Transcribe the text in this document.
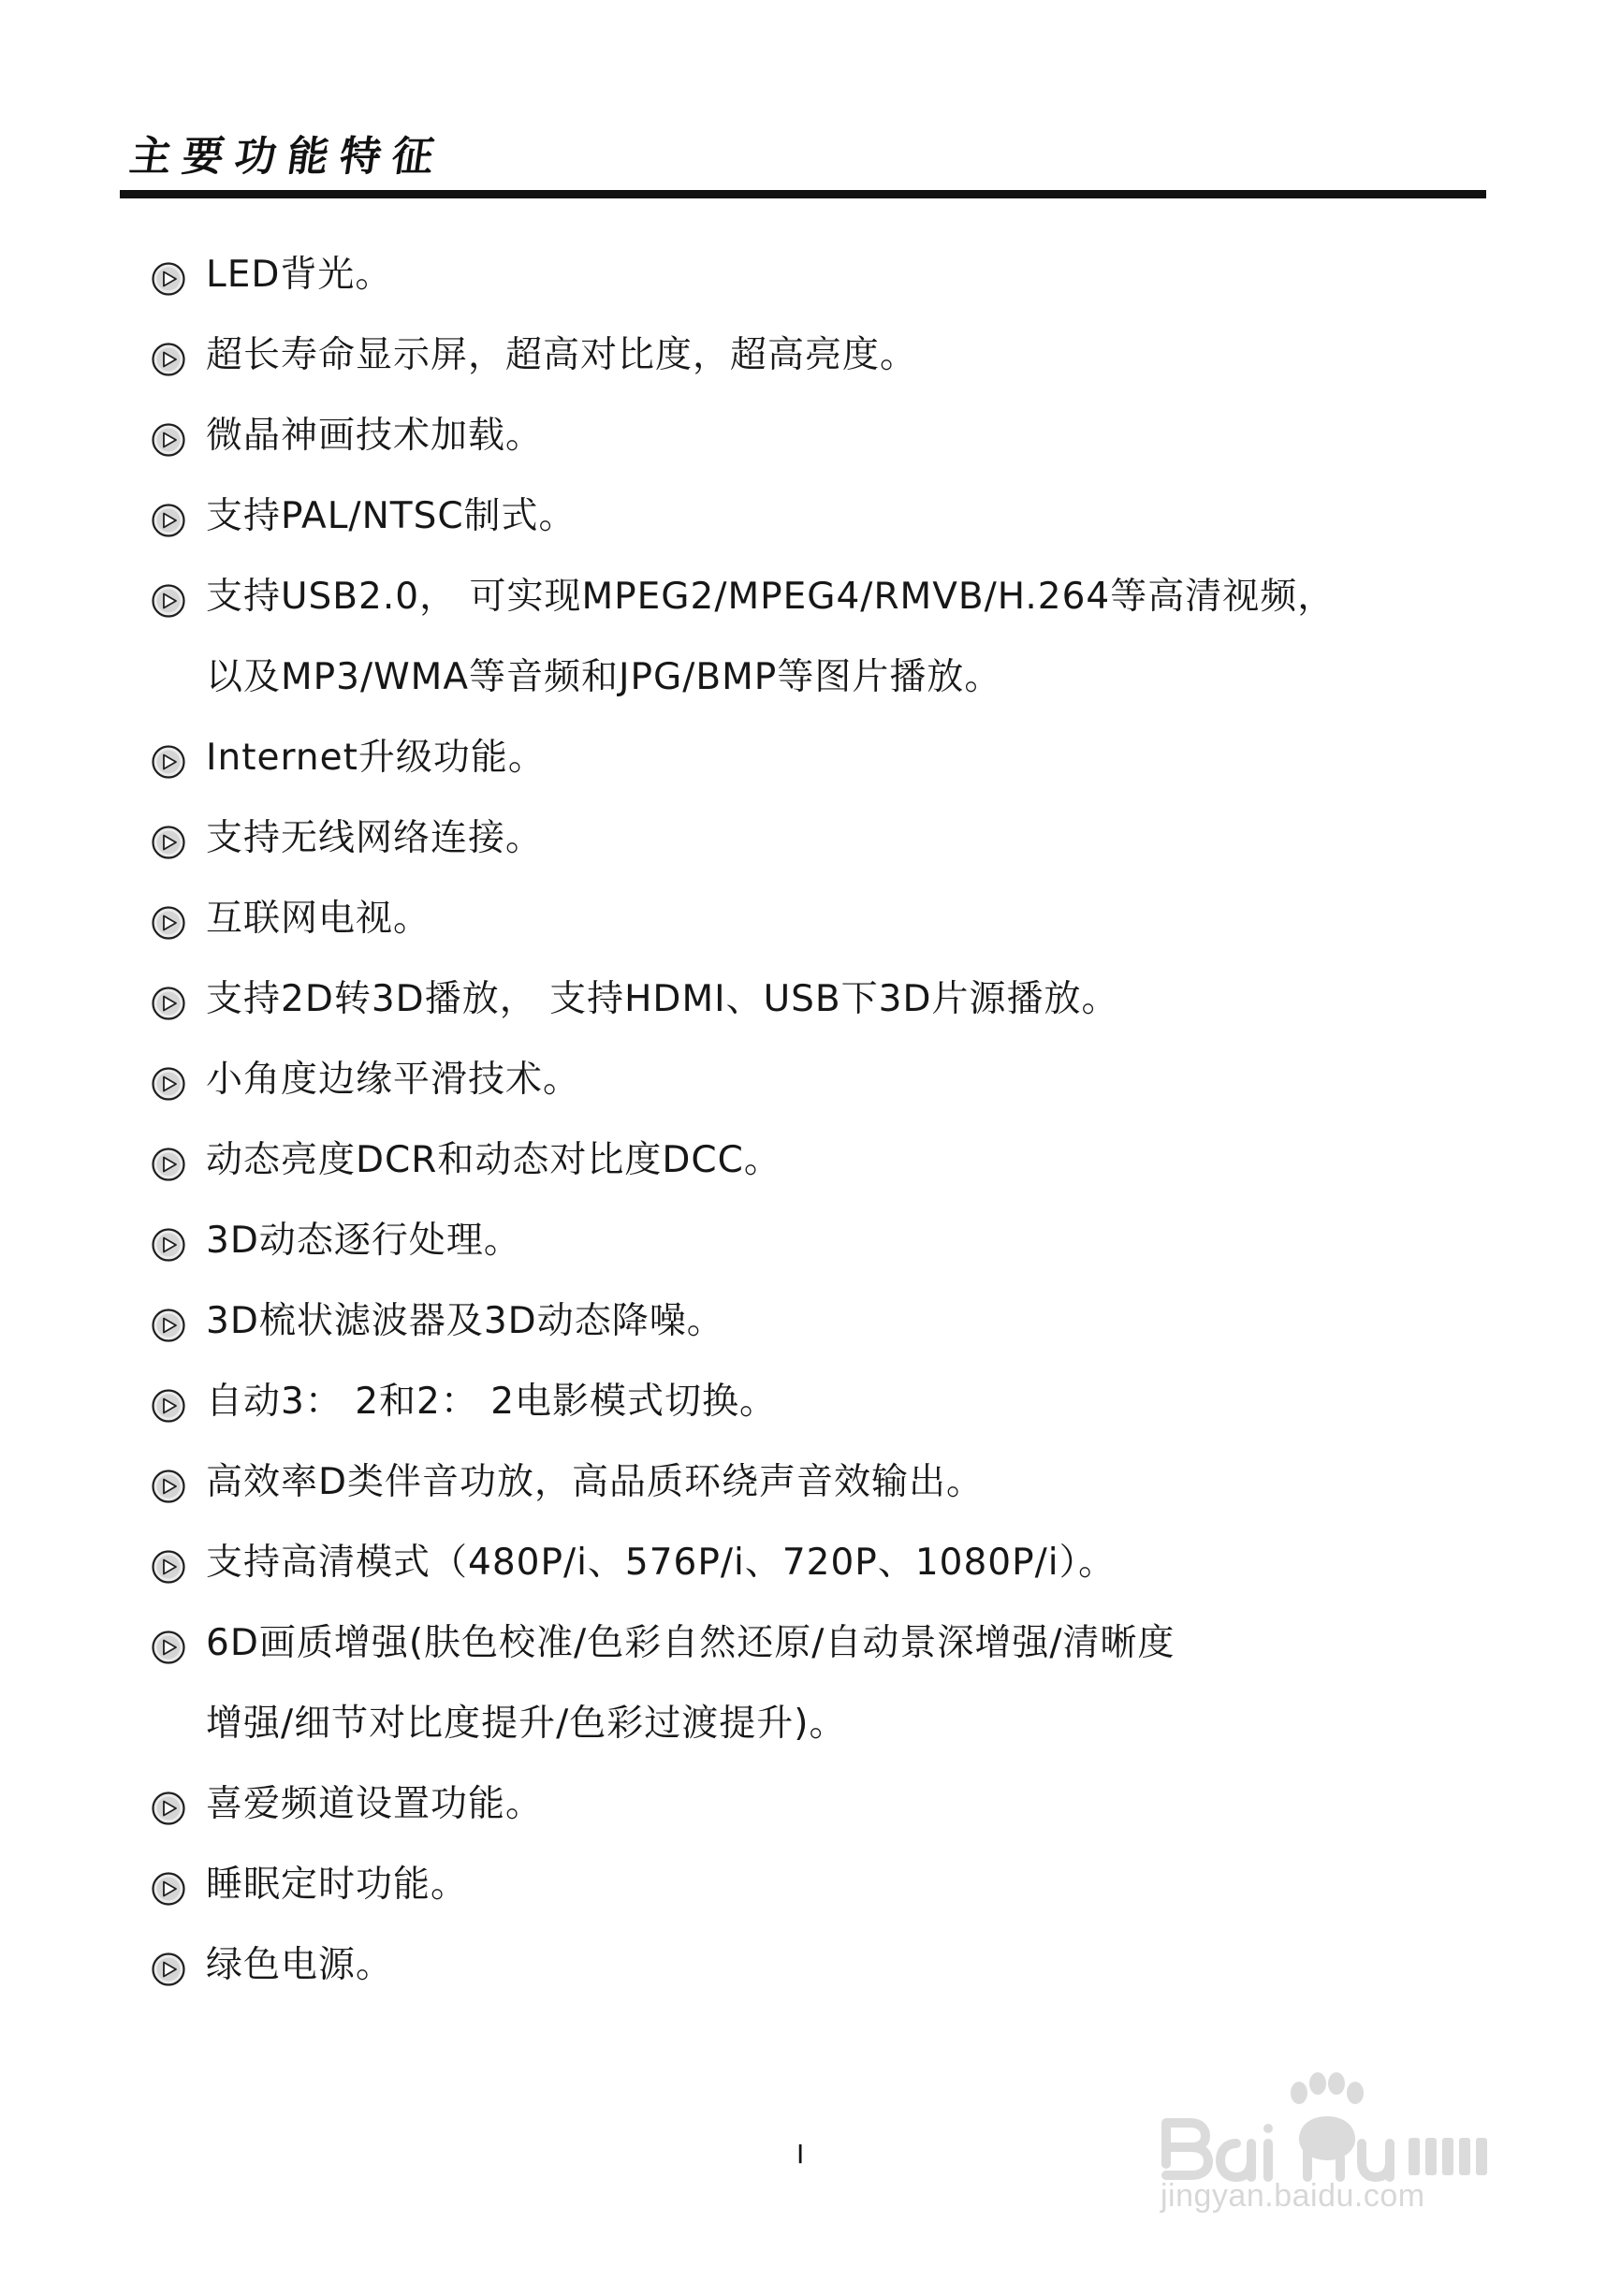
主要功能特征
LED背光。
超长寿命显示屏，超高对比度，超高亮度。
微晶神画技术加载。
支持PAL/NTSC制式。
支持USB2.0， 可实现MPEG2/MPEG4/RMVB/H.264等高清视频，
以及MP3/WMA等音频和JPG/BMP等图片播放。
Internet升级功能。
支持无线网络连接。
互联网电视。
支持2D转3D播放， 支持HDMI、USB下3D片源播放。
小角度边缘平滑技术。
动态亮度DCR和动态对比度DCC。
3D动态逐行处理。
3D梳状滤波器及3D动态降噪。
自动3： 2和2： 2电影模式切换。
高效率D类伴音功放，高品质环绕声音效输出。
支持高清模式（480P/i、576P/i、720P、1080P/i）。
6D画质增强(肤色校准/色彩自然还原/自动景深增强/清晰度
增强/细节对比度提升/色彩过渡提升)。
喜爱频道设置功能。
睡眠定时功能。
绿色电源。
I
jingyan.baidu.com
